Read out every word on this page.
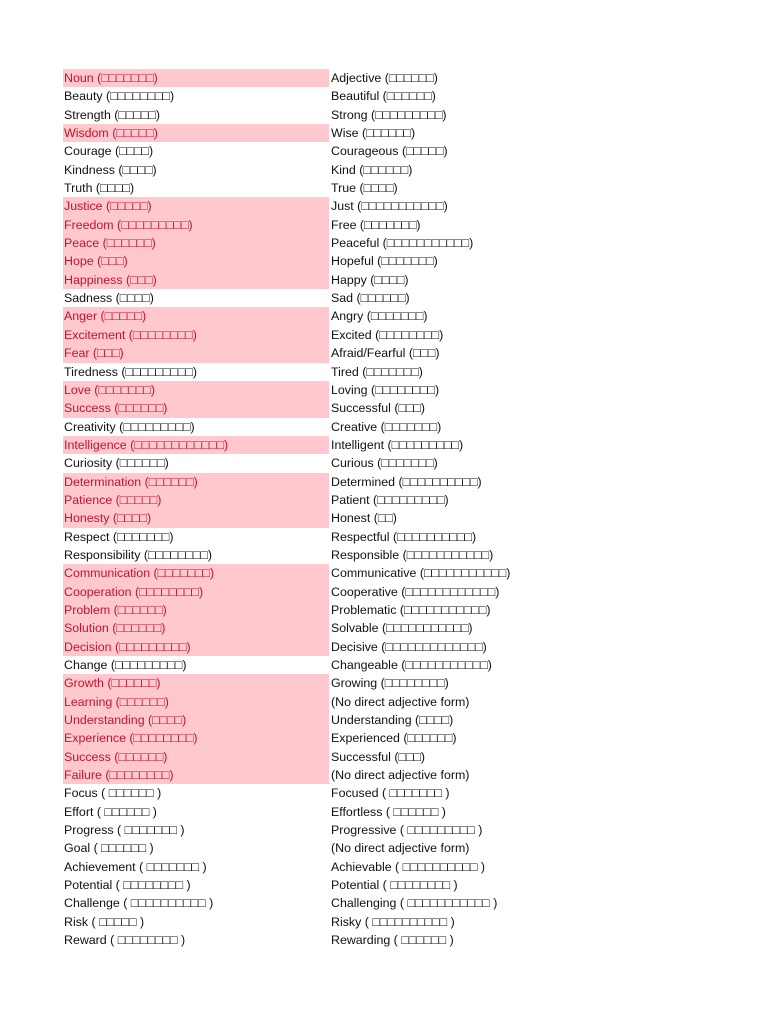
Noun (□□□□□□□)	Adjective (□□□□□□)
Beauty (□□□□□□□□)	Beautiful (□□□□□□)
Strength (□□□□□)	Strong (□□□□□□□□□)
Wisdom (□□□□□)	Wise (□□□□□□)
Courage (□□□□)	Courageous (□□□□□)
Kindness (□□□□)	Kind (□□□□□□)
Truth (□□□□)	True (□□□□)
Justice (□□□□□)	Just (□□□□□□□□□□□)
Freedom (□□□□□□□□□)	Free (□□□□□□□)
Peace (□□□□□□)	Peaceful (□□□□□□□□□□□)
Hope (□□□)	Hopeful (□□□□□□□)
Happiness (□□□)	Happy (□□□□)
Sadness (□□□□)	Sad (□□□□□□)
Anger (□□□□□)	Angry (□□□□□□□)
Excitement (□□□□□□□□)	Excited (□□□□□□□□)
Fear (□□□)	Afraid/Fearful (□□□)
Tiredness (□□□□□□□□□)	Tired (□□□□□□□)
Love (□□□□□□□)	Loving (□□□□□□□□)
Success (□□□□□□)	Successful (□□□)
Creativity (□□□□□□□□□)	Creative (□□□□□□□)
Intelligence (□□□□□□□□□□□□)	Intelligent (□□□□□□□□□)
Curiosity (□□□□□□)	Curious (□□□□□□□)
Determination (□□□□□□)	Determined (□□□□□□□□□□)
Patience (□□□□□)	Patient (□□□□□□□□□)
Honesty (□□□□)	Honest (□□)
Respect (□□□□□□□)	Respectful (□□□□□□□□□□)
Responsibility (□□□□□□□□)	Responsible (□□□□□□□□□□□)
Communication (□□□□□□□)	Communicative (□□□□□□□□□□□)
Cooperation (□□□□□□□□)	Cooperative (□□□□□□□□□□□□)
Problem (□□□□□□)	Problematic (□□□□□□□□□□□)
Solution (□□□□□□)	Solvable (□□□□□□□□□□□)
Decision (□□□□□□□□□)	Decisive (□□□□□□□□□□□□□)
Change (□□□□□□□□□)	Changeable (□□□□□□□□□□□)
Growth (□□□□□□)	Growing (□□□□□□□□)
Learning (□□□□□□)	(No direct adjective form)
Understanding (□□□□)	Understanding (□□□□)
Experience (□□□□□□□□)	Experienced (□□□□□□)
Success (□□□□□□)	Successful (□□□)
Failure (□□□□□□□□)	(No direct adjective form)
Focus ( □□□□□□ )	Focused ( □□□□□□□ )
Effort ( □□□□□□ )	Effortless ( □□□□□□ )
Progress ( □□□□□□□ )	Progressive ( □□□□□□□□□ )
Goal ( □□□□□□ )	(No direct adjective form)
Achievement ( □□□□□□□ )	Achievable ( □□□□□□□□□□ )
Potential ( □□□□□□□□ )	Potential ( □□□□□□□□ )
Challenge ( □□□□□□□□□□ )	Challenging ( □□□□□□□□□□□ )
Risk ( □□□□□ )	Risky ( □□□□□□□□□□ )
Reward ( □□□□□□□□ )	Rewarding ( □□□□□□ )
